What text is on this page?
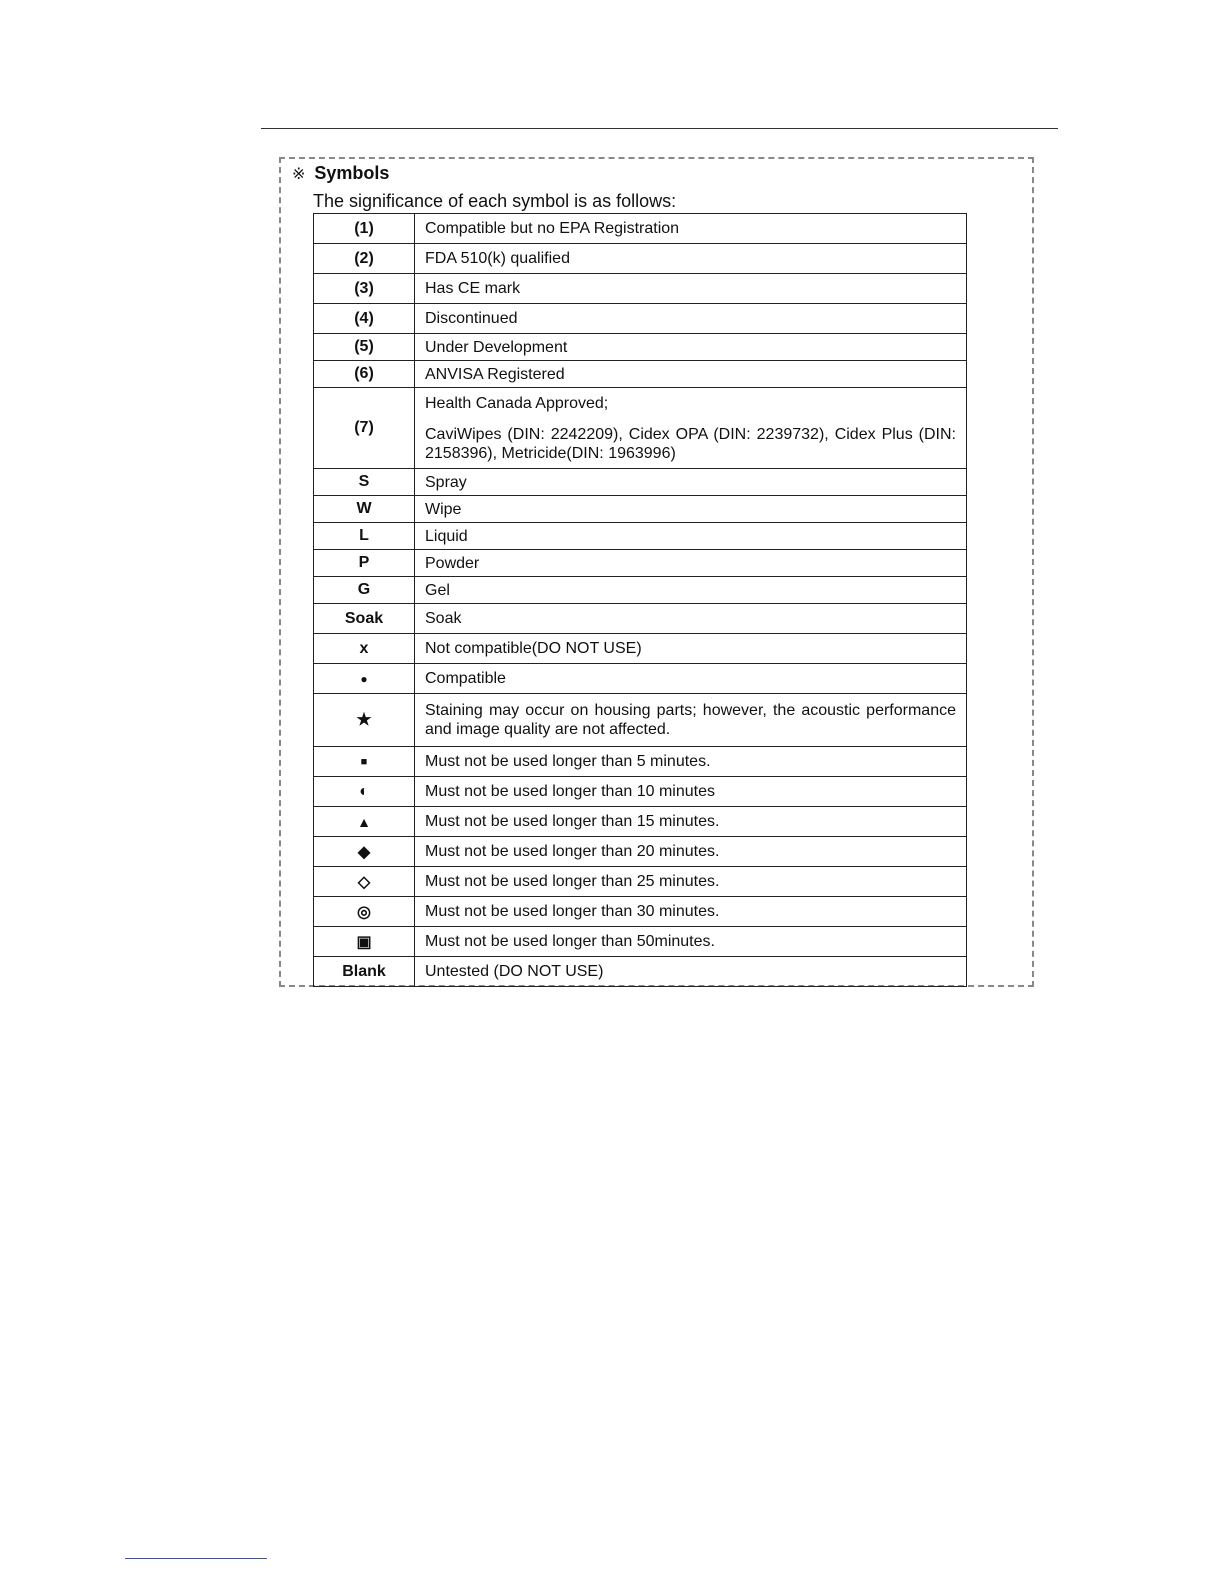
※ Symbols
The significance of each symbol is as follows:
(1)	Compatible but no EPA Registration

(2)	FDA 510(k) qualified

(3)	Has CE mark

(4)	Discontinued

(5)	Under Development

(6)	ANVISA Registered

(7)	Health Canada Approved;
CaviWipes (DIN: 2242209), Cidex OPA (DIN: 2239732), Cidex Plus (DIN: 2158396), Metricide(DIN: 1963996)

S	Spray

W	Wipe

L	Liquid

P	Powder

G	Gel

Soak	Soak

x	Not compatible(DO NOT USE)

●	Compatible

★	Staining may occur on housing parts; however, the acoustic performance and image quality are not affected.

■	Must not be used longer than 5 minutes.

◐	Must not be used longer than 10 minutes

▲	Must not be used longer than 15 minutes.

◆	Must not be used longer than 20 minutes.

◇	Must not be used longer than 25 minutes.

◎	Must not be used longer than 30 minutes.

▣	Must not be used longer than 50minutes.

Blank	Untested (DO NOT USE)
